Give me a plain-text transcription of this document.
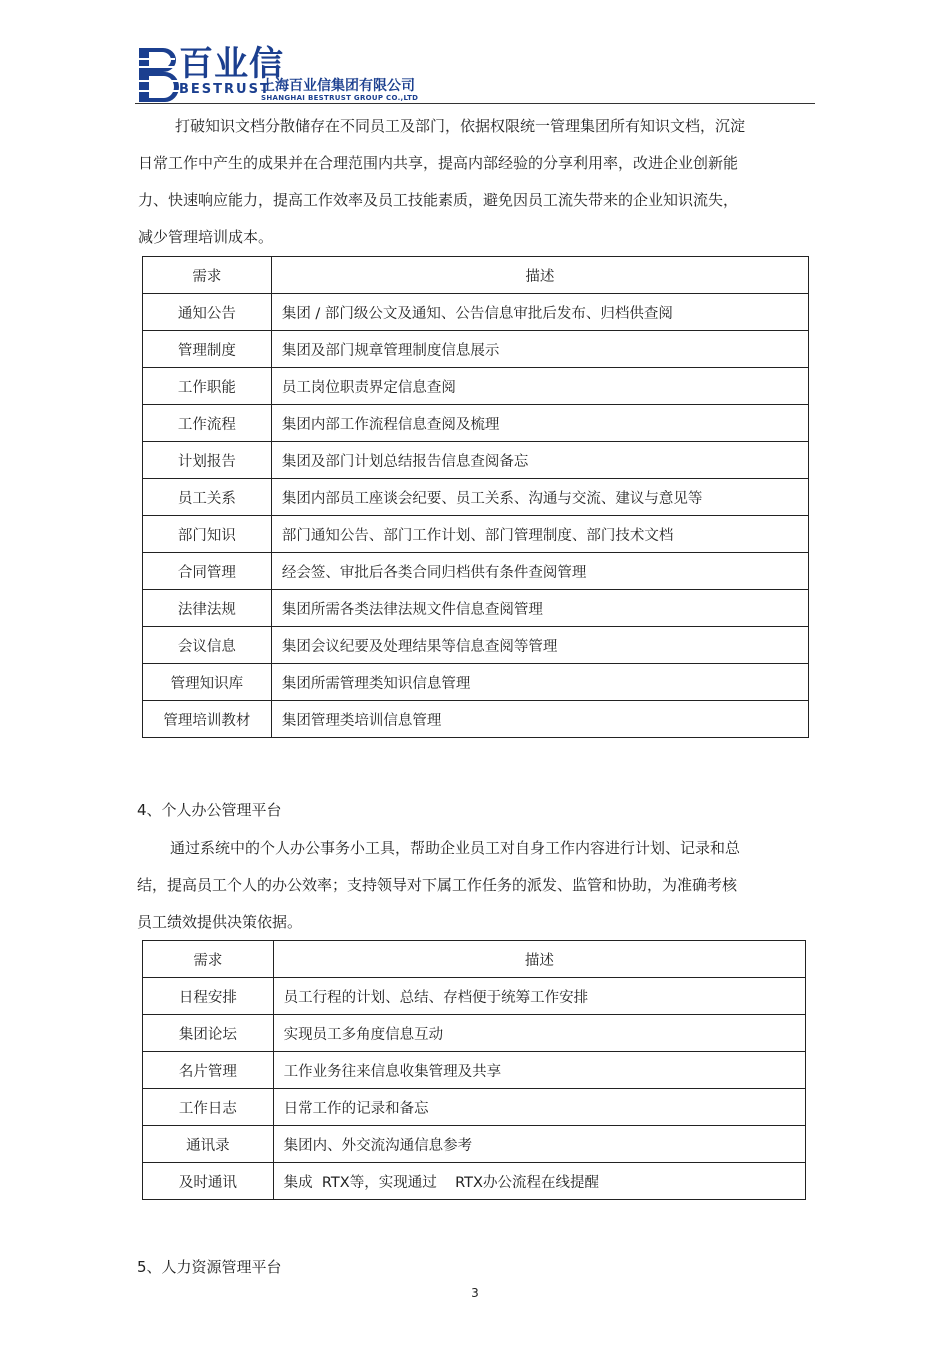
百业信
BESTRUST
上海百业信集团有限公司
SHANGHAI BESTRUST GROUP CO.,LTD
打破知识文档分散储存在不同员工及部门，依据权限统一管理集团所有知识文档，沉淀
日常工作中产生的成果并在合理范围内共享，提高内部经验的分享利用率，改进企业创新能
力、快速响应能力，提高工作效率及员工技能素质，避免因员工流失带来的企业知识流失，
减少管理培训成本。
需求	描述
通知公告	集团 / 部门级公文及通知、公告信息审批后发布、归档供查阅
管理制度	集团及部门规章管理制度信息展示
工作职能	员工岗位职责界定信息查阅
工作流程	集团内部工作流程信息查阅及梳理
计划报告	集团及部门计划总结报告信息查阅备忘
员工关系	集团内部员工座谈会纪要、员工关系、沟通与交流、建议与意见等
部门知识	部门通知公告、部门工作计划、部门管理制度、部门技术文档
合同管理	经会签、审批后各类合同归档供有条件查阅管理
法律法规	集团所需各类法律法规文件信息查阅管理
会议信息	集团会议纪要及处理结果等信息查阅等管理
管理知识库	集团所需管理类知识信息管理
管理培训教材	集团管理类培训信息管理
4、个人办公管理平台
通过系统中的个人办公事务小工具，帮助企业员工对自身工作内容进行计划、记录和总
结，提高员工个人的办公效率；支持领导对下属工作任务的派发、监管和协助，为准确考核
员工绩效提供决策依据。
需求	描述
日程安排	员工行程的计划、总结、存档便于统筹工作安排
集团论坛	实现员工多角度信息互动
名片管理	工作业务往来信息收集管理及共享
工作日志	日常工作的记录和备忘
通讯录	集团内、外交流沟通信息参考
及时通讯	集成  RTX等，实现通过    RTX办公流程在线提醒
5、人力资源管理平台
3
